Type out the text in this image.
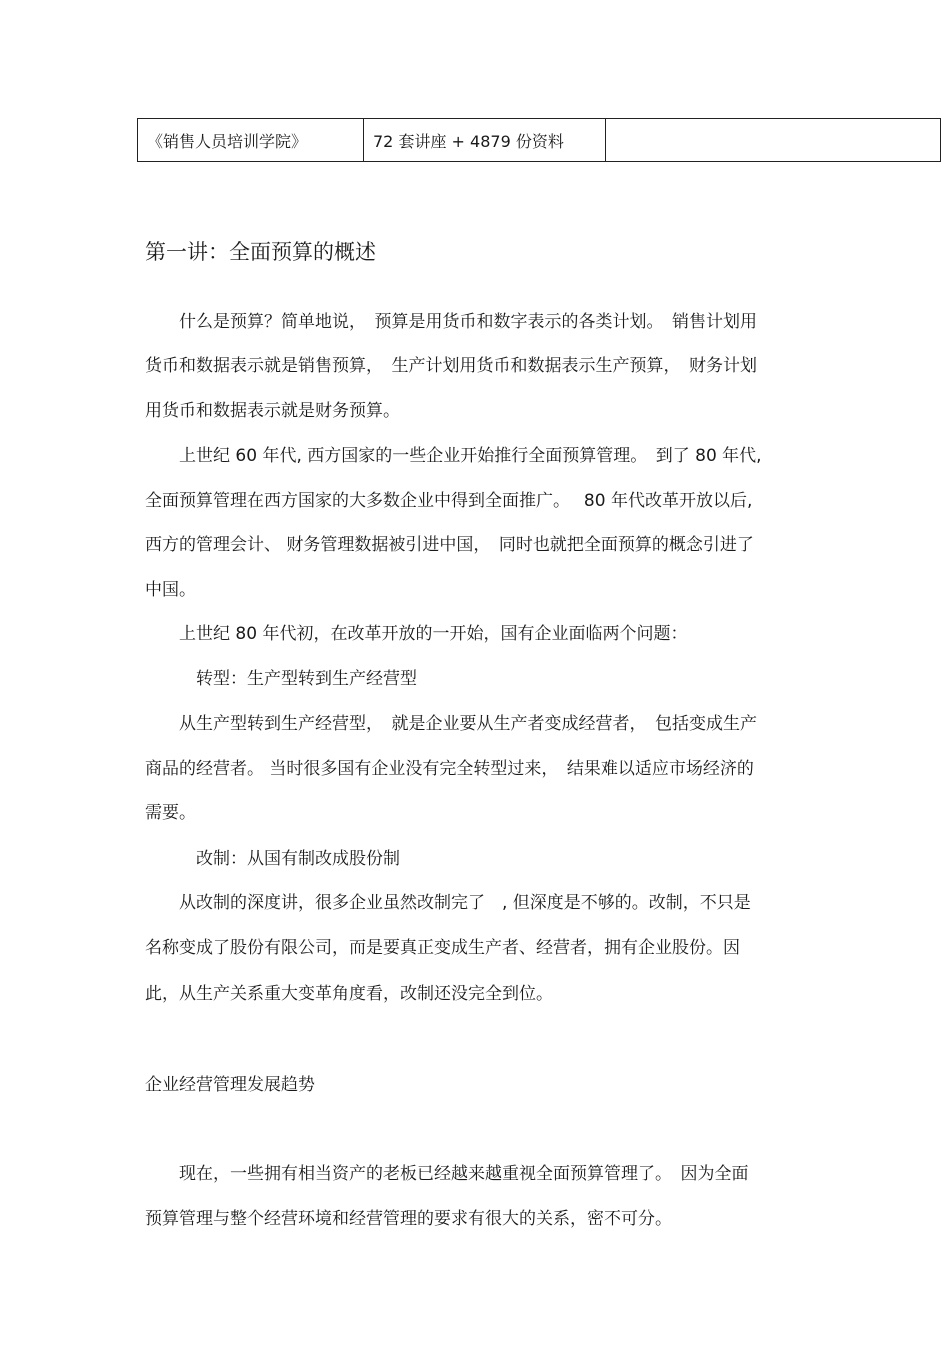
《销售人员培训学院》	72 套讲座 + 4879 份资料	
第一讲：全面预算的概述

　　什么是预算？简单地说，　预算是用货币和数字表示的各类计划。　销售计划用

货币和数据表示就是销售预算，　生产计划用货币和数据表示生产预算，　财务计划

用货币和数据表示就是财务预算。

　　上世纪 60 年代, 西方国家的一些企业开始推行全面预算管理。　到了 80 年代,

全面预算管理在西方国家的大多数企业中得到全面推广。　 80 年代改革开放以后,

西方的管理会计、 财务管理数据被引进中国，　同时也就把全面预算的概念引进了

中国。

　　上世纪 80 年代初，在改革开放的一开始，国有企业面临两个问题：

　　　转型：生产型转到生产经营型

　　从生产型转到生产经营型，　就是企业要从生产者变成经营者，　包括变成生产

商品的经营者。 当时很多国有企业没有完全转型过来，　结果难以适应市场经济的

需要。

　　　改制：从国有制改成股份制

　　从改制的深度讲，很多企业虽然改制完了　, 但深度是不够的。改制，不只是

名称变成了股份有限公司，而是要真正变成生产者、经营者，拥有企业股份。因

此，从生产关系重大变革角度看，改制还没完全到位。

企业经营管理发展趋势

　　现在，一些拥有相当资产的老板已经越来越重视全面预算管理了。　因为全面

预算管理与整个经营环境和经营管理的要求有很大的关系，密不可分。
